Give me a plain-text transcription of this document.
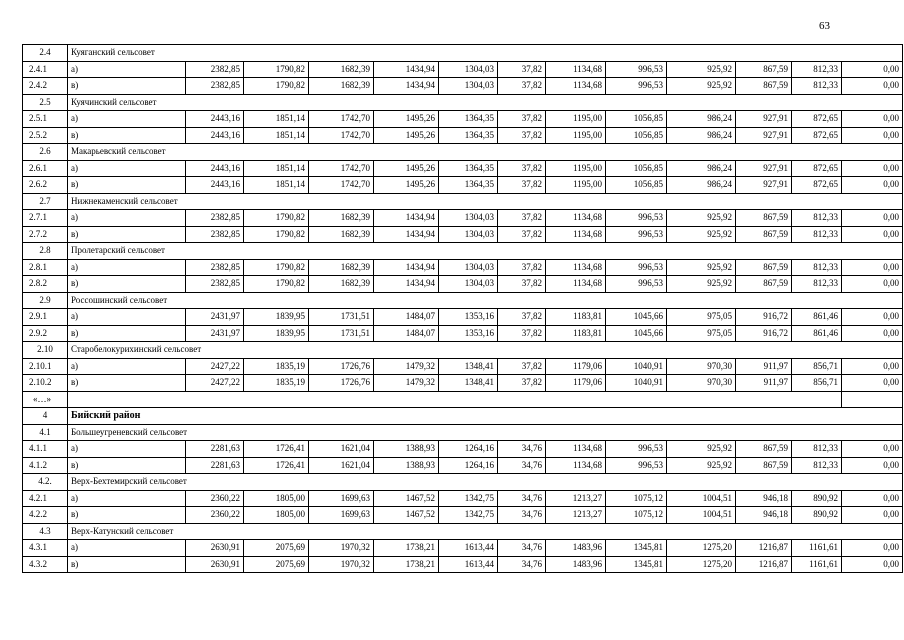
63
2.4	Куяганский сельсовет												
2.4.1	а)	2382,85	1790,82	1682,39	1434,94	1304,03	37,82	1134,68	996,53	925,92	867,59	812,33	0,00
2.4.2	в)	2382,85	1790,82	1682,39	1434,94	1304,03	37,82	1134,68	996,53	925,92	867,59	812,33	0,00
2.5	Куячинский сельсовет												
2.5.1	а)	2443,16	1851,14	1742,70	1495,26	1364,35	37,82	1195,00	1056,85	986,24	927,91	872,65	0,00
2.5.2	в)	2443,16	1851,14	1742,70	1495,26	1364,35	37,82	1195,00	1056,85	986,24	927,91	872,65	0,00
2.6	Макарьевский сельсовет												
2.6.1	а)	2443,16	1851,14	1742,70	1495,26	1364,35	37,82	1195,00	1056,85	986,24	927,91	872,65	0,00
2.6.2	в)	2443,16	1851,14	1742,70	1495,26	1364,35	37,82	1195,00	1056,85	986,24	927,91	872,65	0,00
2.7	Нижнекаменский сельсовет												
2.7.1	а)	2382,85	1790,82	1682,39	1434,94	1304,03	37,82	1134,68	996,53	925,92	867,59	812,33	0,00
2.7.2	в)	2382,85	1790,82	1682,39	1434,94	1304,03	37,82	1134,68	996,53	925,92	867,59	812,33	0,00
2.8	Пролетарский сельсовет												
2.8.1	а)	2382,85	1790,82	1682,39	1434,94	1304,03	37,82	1134,68	996,53	925,92	867,59	812,33	0,00
2.8.2	в)	2382,85	1790,82	1682,39	1434,94	1304,03	37,82	1134,68	996,53	925,92	867,59	812,33	0,00
2.9	Россошинский сельсовет												
2.9.1	а)	2431,97	1839,95	1731,51	1484,07	1353,16	37,82	1183,81	1045,66	975,05	916,72	861,46	0,00
2.9.2	в)	2431,97	1839,95	1731,51	1484,07	1353,16	37,82	1183,81	1045,66	975,05	916,72	861,46	0,00
2.10	Старобелокурихинский сельсовет												
2.10.1	а)	2427,22	1835,19	1726,76	1479,32	1348,41	37,82	1179,06	1040,91	970,30	911,97	856,71	0,00
2.10.2	в)	2427,22	1835,19	1726,76	1479,32	1348,41	37,82	1179,06	1040,91	970,30	911,97	856,71	0,00
«…»													
4	Бийский район												
4.1	Большеугреневский сельсовет												
4.1.1	а)	2281,63	1726,41	1621,04	1388,93	1264,16	34,76	1134,68	996,53	925,92	867,59	812,33	0,00
4.1.2	в)	2281,63	1726,41	1621,04	1388,93	1264,16	34,76	1134,68	996,53	925,92	867,59	812,33	0,00
4.2.	Верх-Бехтемирский сельсовет												
4.2.1	а)	2360,22	1805,00	1699,63	1467,52	1342,75	34,76	1213,27	1075,12	1004,51	946,18	890,92	0,00
4.2.2	в)	2360,22	1805,00	1699,63	1467,52	1342,75	34,76	1213,27	1075,12	1004,51	946,18	890,92	0,00
4.3	Верх-Катунский сельсовет												
4.3.1	а)	2630,91	2075,69	1970,32	1738,21	1613,44	34,76	1483,96	1345,81	1275,20	1216,87	1161,61	0,00
4.3.2	в)	2630,91	2075,69	1970,32	1738,21	1613,44	34,76	1483,96	1345,81	1275,20	1216,87	1161,61	0,00
